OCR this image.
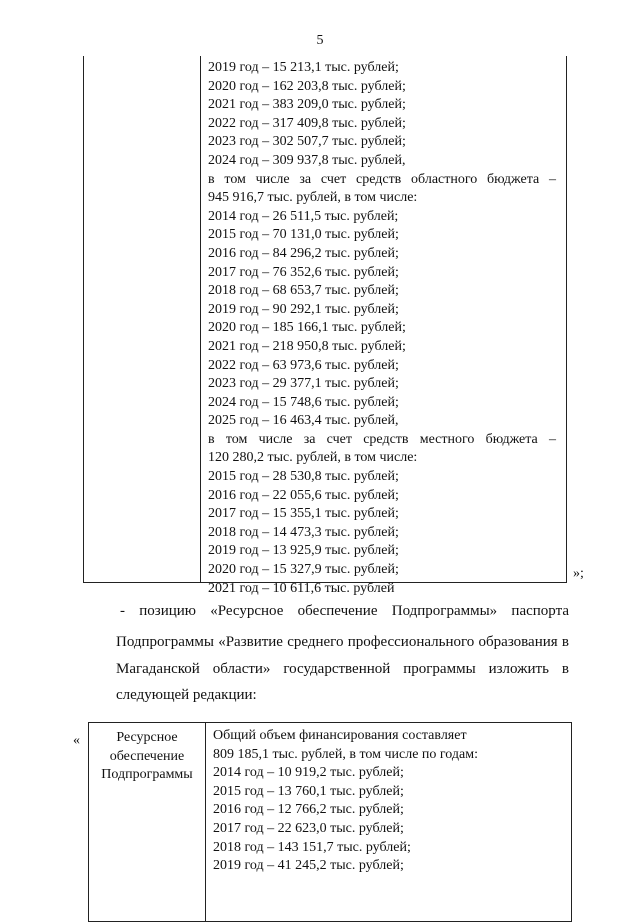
5
2019 год – 15 213,1 тыс. рублей;
2020 год – 162 203,8 тыс. рублей;
2021 год – 383 209,0 тыс. рублей;
2022 год – 317 409,8 тыс. рублей;
2023 год – 302 507,7 тыс. рублей;
2024 год – 309 937,8 тыс. рублей,
в том числе за счет средств областного бюджета –
945 916,7 тыс. рублей, в том числе:
2014 год – 26 511,5 тыс. рублей;
2015 год – 70 131,0 тыс. рублей;
2016 год – 84 296,2 тыс. рублей;
2017 год – 76 352,6 тыс. рублей;
2018 год – 68 653,7 тыс. рублей;
2019 год – 90 292,1 тыс. рублей;
2020 год – 185 166,1 тыс. рублей;
2021 год – 218 950,8 тыс. рублей;
2022 год – 63 973,6 тыс. рублей;
2023 год – 29 377,1 тыс. рублей;
2024 год – 15 748,6 тыс. рублей;
2025 год – 16 463,4 тыс. рублей,
в том числе за счет средств местного бюджета –
120 280,2 тыс. рублей, в том числе:
2015 год – 28 530,8 тыс. рублей;
2016 год – 22 055,6 тыс. рублей;
2017 год – 15 355,1 тыс. рублей;
2018 год – 14 473,3 тыс. рублей;
2019 год – 13 925,9 тыс. рублей;
2020 год – 15 327,9 тыс. рублей;
2021 год – 10 611,6 тыс. рублей
»;
- позицию «Ресурсное обеспечение Подпрограммы» паспорта
Подпрограммы «Развитие среднего профессионального образования в
Магаданской области» государственной программы изложить в
следующей редакции:
«	Ресурсное
обеспечение
Подпрограммы
Общий объем финансирования составляет
809 185,1 тыс. рублей, в том числе по годам:
2014 год – 10 919,2 тыс. рублей;
2015 год – 13 760,1 тыс. рублей;
2016 год – 12 766,2 тыс. рублей;
2017 год – 22 623,0 тыс. рублей;
2018 год – 143 151,7 тыс. рублей;
2019 год – 41 245,2 тыс. рублей;
